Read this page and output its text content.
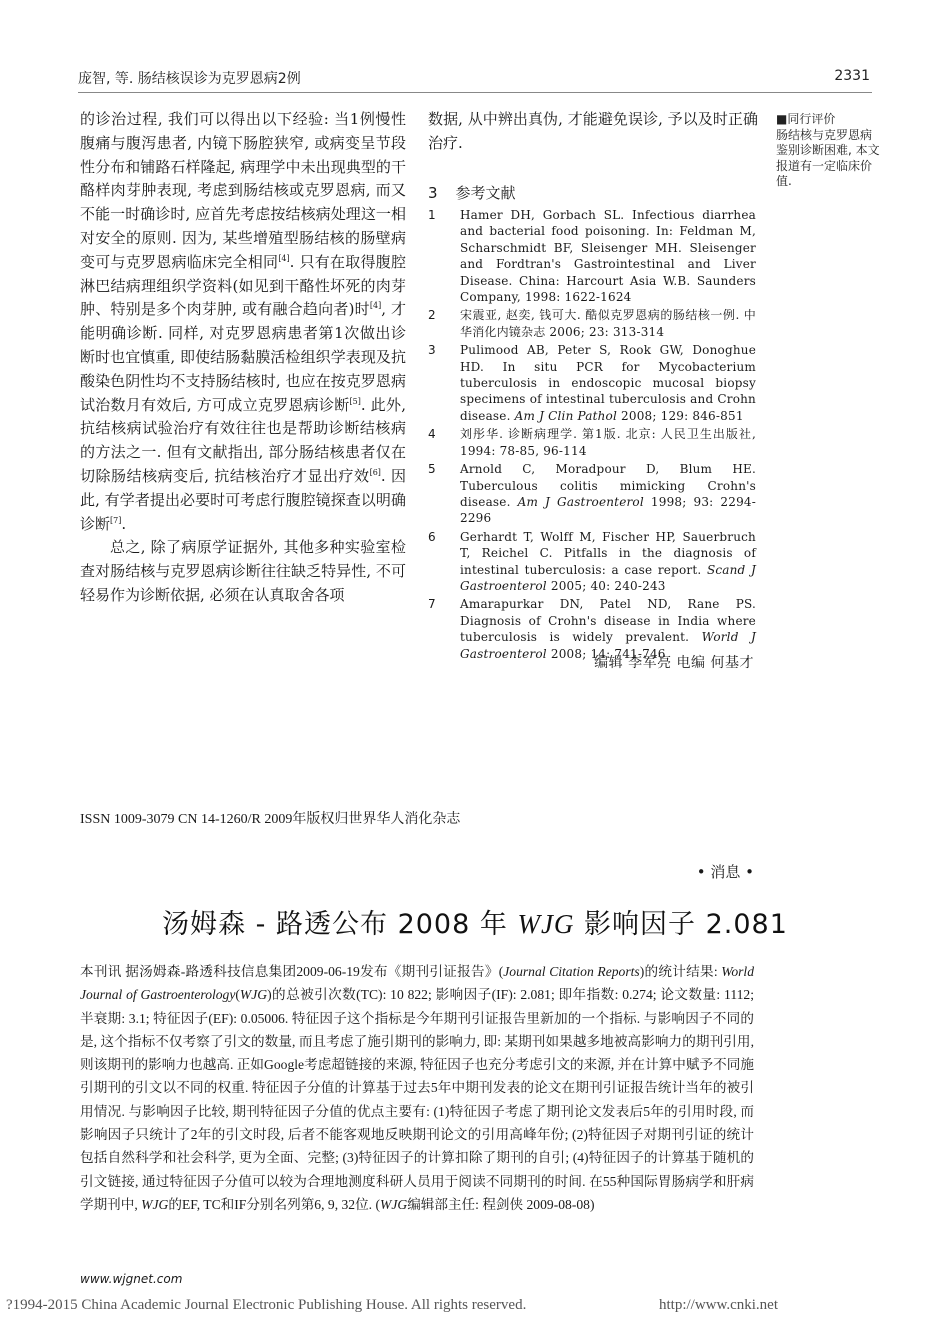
庞智, 等. 肠结核误诊为克罗恩病2例	2331

的诊治过程, 我们可以得出以下经验: 当1例慢性腹痛与腹泻患者, 内镜下肠腔狭窄, 或病变呈节段性分布和铺路石样隆起, 病理学中未出现典型的干酪样肉芽肿表现, 考虑到肠结核或克罗恩病, 而又不能一时确诊时, 应首先考虑按结核病处理这一相对安全的原则. 因为, 某些增殖型肠结核的肠壁病变可与克罗恩病临床完全相同[4]. 只有在取得腹腔淋巴结病理组织学资料(如见到干酪性坏死的肉芽肿、特别是多个肉芽肿, 或有融合趋向者)时[4], 才能明确诊断. 同样, 对克罗恩病患者第1次做出诊断时也宜慎重, 即使结肠黏膜活检组织学表现及抗酸染色阴性均不支持肠结核时, 也应在按克罗恩病试治数月有效后, 方可成立克罗恩病诊断[5]. 此外, 抗结核病试验治疗有效往往也是帮助诊断结核病的方法之一. 但有文献指出, 部分肠结核患者仅在切除肠结核病变后, 抗结核治疗才显出疗效[6]. 因此, 有学者提出必要时可考虑行腹腔镜探查以明确诊断[7].

总之, 除了病原学证据外, 其他多种实验室检查对肠结核与克罗恩病诊断往往缺乏特异性, 不可轻易作为诊断依据, 必须在认真取舍各项

数据, 从中辨出真伪, 才能避免误诊, 予以及时正确治疗.
■同行评价
肠结核与克罗恩病鉴别诊断困难, 本文报道有一定临床价值.
3 参考文献
1 Hamer DH, Gorbach SL. Infectious diarrhea and bacterial food poisoning. In: Feldman M, Scharschmidt BF, Sleisenger MH. Sleisenger and Fordtran's Gastrointestinal and Liver Disease. China: Harcourt Asia W.B. Saunders Company, 1998: 1622-1624
2 宋震亚, 赵奕, 钱可大. 酷似克罗恩病的肠结核一例. 中华消化内镜杂志 2006; 23: 313-314
3 Pulimood AB, Peter S, Rook GW, Donoghue HD. In situ PCR for Mycobacterium tuberculosis in endoscopic mucosal biopsy specimens of intestinal tuberculosis and Crohn disease. Am J Clin Pathol 2008; 129: 846-851
4 刘彤华. 诊断病理学. 第1版. 北京: 人民卫生出版社, 1994: 78-85, 96-114
5 Arnold C, Moradpour D, Blum HE. Tuberculous colitis mimicking Crohn's disease. Am J Gastroenterol 1998; 93: 2294-2296
6 Gerhardt T, Wolff M, Fischer HP, Sauerbruch T, Reichel C. Pitfalls in the diagnosis of intestinal tuberculosis: a case report. Scand J Gastroenterol 2005; 40: 240-243
7 Amarapurkar DN, Patel ND, Rane PS. Diagnosis of Crohn's disease in India where tuberculosis is widely prevalent. World J Gastroenterol 2008; 14: 741-746
编辑 李军亮 电编 何基才
ISSN 1009-3079 CN 14-1260/R 2009年版权归世界华人消化杂志
• 消息 •
汤姆森 - 路透公布 2008 年 WJG 影响因子 2.081
本刊讯 据汤姆森-路透科技信息集团2009-06-19发布《期刊引证报告》(Journal Citation Reports)的统计结果: World Journal of Gastroenterology(WJG)的总被引次数(TC): 10 822; 影响因子(IF): 2.081; 即年指数: 0.274; 论文数量: 1112; 半衰期: 3.1; 特征因子(EF): 0.05006. 特征因子这个指标是今年期刊引证报告里新加的一个指标. 与影响因子不同的是, 这个指标不仅考察了引文的数量, 而且考虑了施引期刊的影响力, 即: 某期刊如果越多地被高影响力的期刊引用, 则该期刊的影响力也越高. 正如Google考虑超链接的来源, 特征因子也充分考虑引文的来源, 并在计算中赋予不同施引期刊的引文以不同的权重. 特征因子分值的计算基于过去5年中期刊发表的论文在期刊引证报告统计当年的被引用情况. 与影响因子比较, 期刊特征因子分值的优点主要有: (1)特征因子考虑了期刊论文发表后5年的引用时段, 而影响因子只统计了2年的引文时段, 后者不能客观地反映期刊论文的引用高峰年份; (2)特征因子对期刊引证的统计包括自然科学和社会科学, 更为全面、完整; (3)特征因子的计算扣除了期刊的自引; (4)特征因子的计算基于随机的引文链接, 通过特征因子分值可以较为合理地测度科研人员用于阅读不同期刊的时间. 在55种国际胃肠病学和肝病学期刊中, WJG的EF, TC和IF分别名列第6, 9, 32位. (WJG编辑部主任: 程剑侠 2009-08-08)
www.wjgnet.com
?1994-2015 China Academic Journal Electronic Publishing House. All rights reserved.	http://www.cnki.net
